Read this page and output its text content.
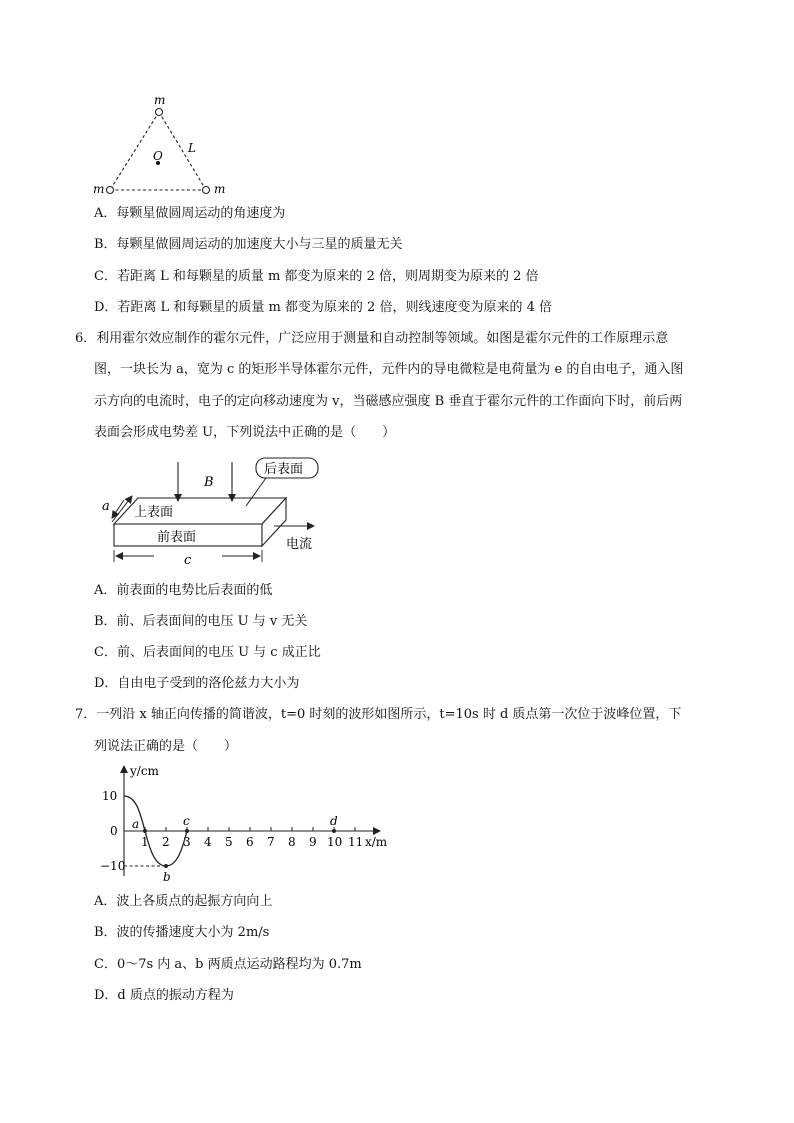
m
m	m
O
L
A．每颗星做圆周运动的角速度为
B．每颗星做圆周运动的加速度大小与三星的质量无关
C．若距离 L 和每颗星的质量 m 都变为原来的 2 倍，则周期变为原来的 2 倍
D．若距离 L 和每颗星的质量 m 都变为原来的 2 倍，则线速度变为原来的 4 倍
6．利用霍尔效应制作的霍尔元件，广泛应用于测量和自动控制等领域。如图是霍尔元件的工作原理示意
图，一块长为 a，宽为 c 的矩形半导体霍尔元件，元件内的导电微粒是电荷量为 e 的自由电子，通入图
示方向的电流时，电子的定向移动速度为 v，当磁感应强度 B 垂直于霍尔元件的工作面向下时，前后两
表面会形成电势差 U，下列说法中正确的是（　　）
B
后表面
上表面
前表面	电流
a
c
A．前表面的电势比后表面的低
B．前、后表面间的电压 U 与 v 无关
C．前、后表面间的电压 U 与 c 成正比
D．自由电子受到的洛伦兹力大小为
7．一列沿 x 轴正向传播的简谐波，t=0 时刻的波形如图所示，t=10s 时 d 质点第一次位于波峰位置，下
列说法正确的是（　　）
y/cm
x/m
10
0
−10
1 2 3 4 5 6 7 8 9 10 11
a
b
c	d
A．波上各质点的起振方向向上
B．波的传播速度大小为 2m/s
C．0～7s 内 a、b 两质点运动路程均为 0.7m
D．d 质点的振动方程为
